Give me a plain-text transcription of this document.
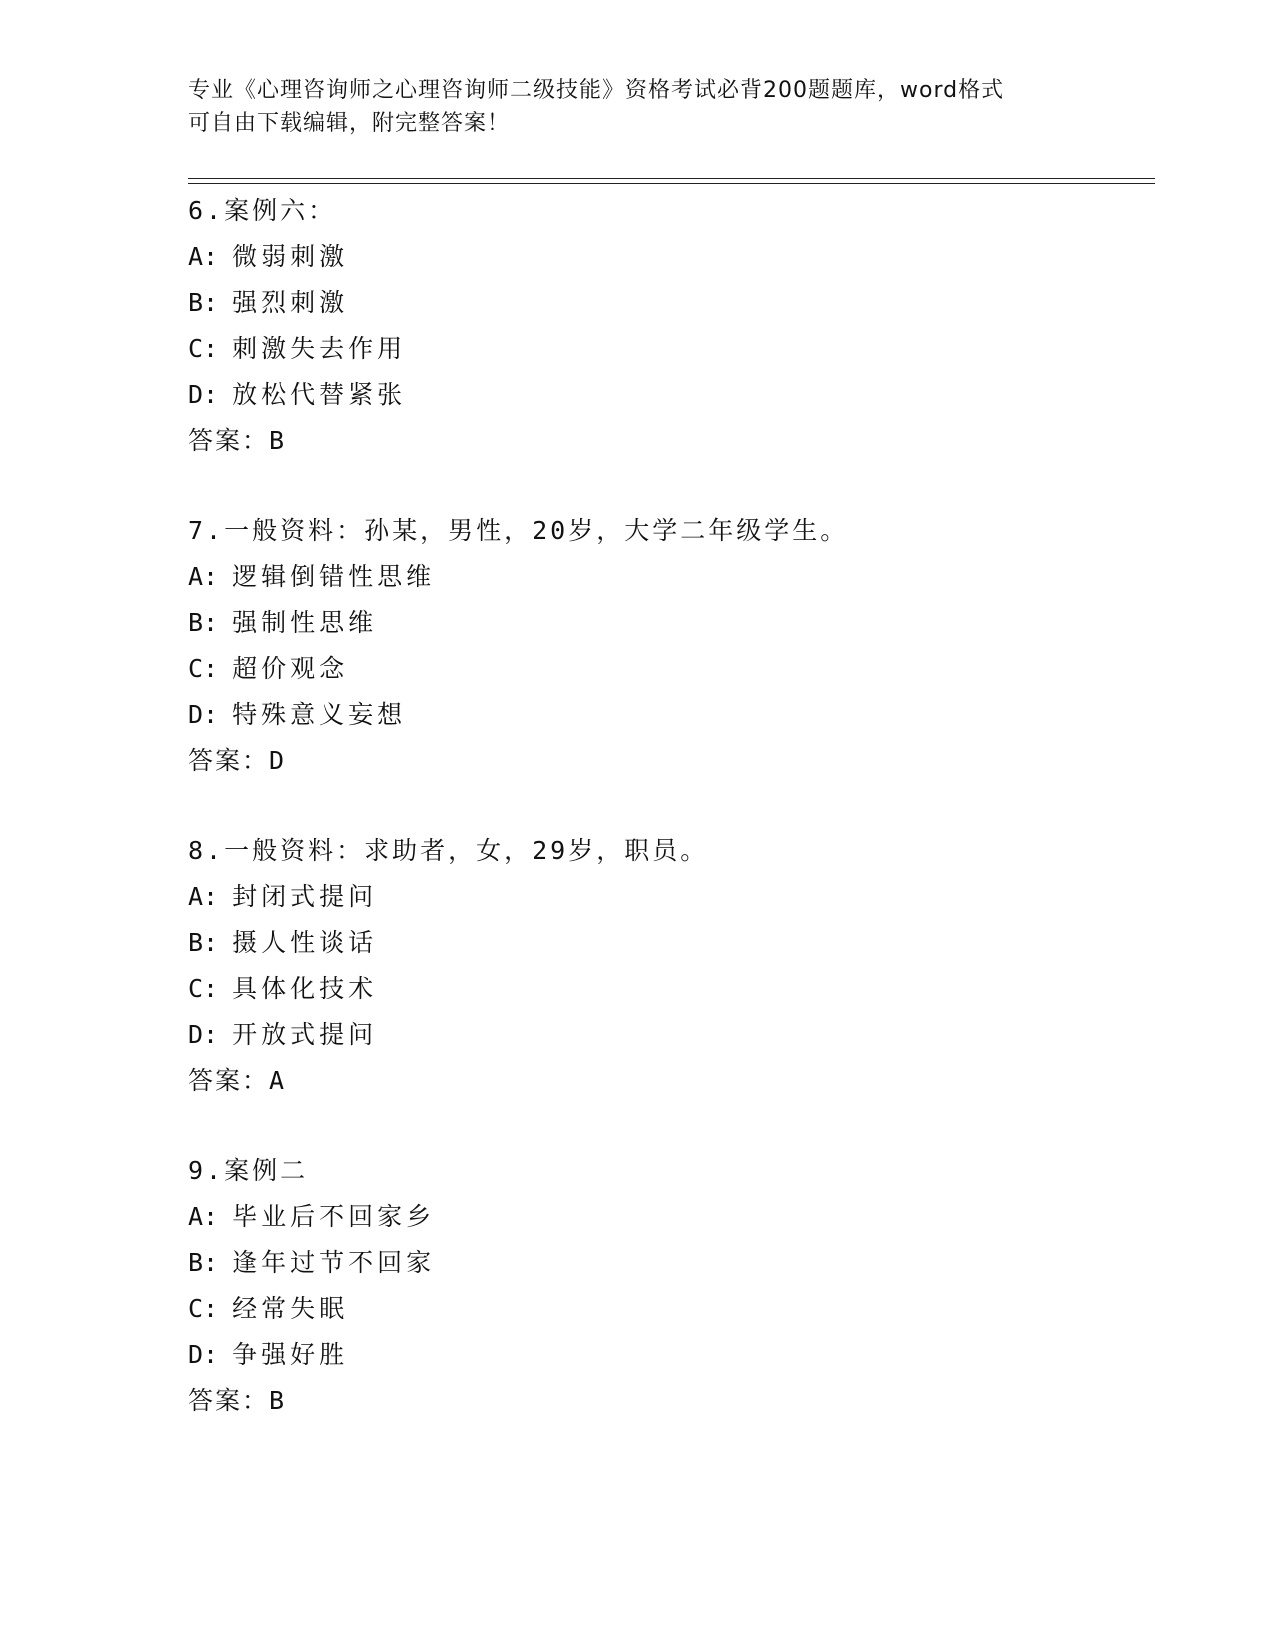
专业《心理咨询师之心理咨询师二级技能》资格考试必背200题题库，word格式
可自由下载编辑，附完整答案！
6.案例六：
A: 微弱刺激
B: 强烈刺激
C: 刺激失去作用
D: 放松代替紧张
答案：B
7.一般资料：孙某，男性，20岁，大学二年级学生。
A: 逻辑倒错性思维
B: 强制性思维
C: 超价观念
D: 特殊意义妄想
答案：D
8.一般资料：求助者，女，29岁，职员。
A: 封闭式提问
B: 摄人性谈话
C: 具体化技术
D: 开放式提问
答案：A
9.案例二
A: 毕业后不回家乡
B: 逢年过节不回家
C: 经常失眠
D: 争强好胜
答案：B
